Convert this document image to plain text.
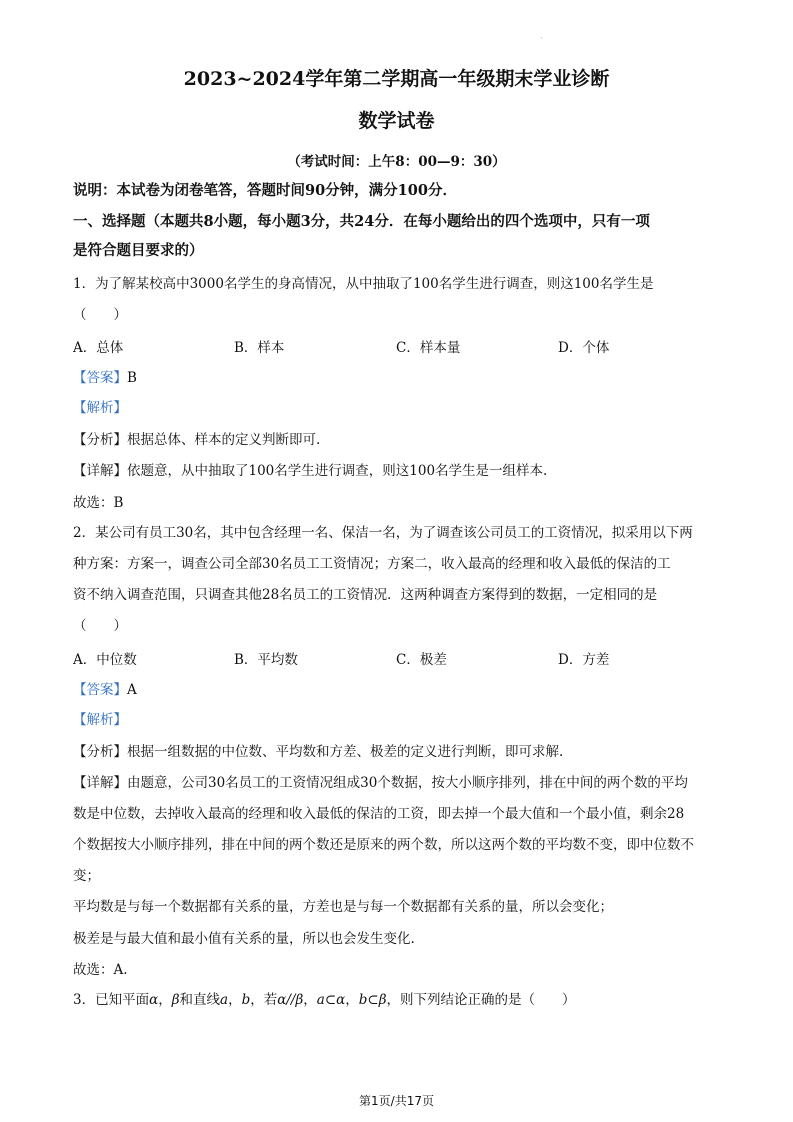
·
2023~2024学年第二学期高一年级期末学业诊断
数学试卷
（考试时间：上午8：00—9：30）
说明：本试卷为闭卷笔答，答题时间90分钟，满分100分．
一、选择题（本题共8小题，每小题3分，共24分．在每小题给出的四个选项中，只有一项
是符合题目要求的）
1．为了解某校高中3000名学生的身高情况，从中抽取了100名学生进行调查，则这100名学生是
（　　）
A．总体	B．样本	C．样本量	D．个体
【答案】B
【解析】
【分析】根据总体、样本的定义判断即可.
【详解】依题意，从中抽取了100名学生进行调查，则这100名学生是一组样本.
故选：B
2．某公司有员工30名，其中包含经理一名、保洁一名，为了调查该公司员工的工资情况，拟采用以下两
种方案：方案一，调查公司全部30名员工工资情况；方案二，收入最高的经理和收入最低的保洁的工
资不纳入调查范围，只调查其他28名员工的工资情况．这两种调查方案得到的数据，一定相同的是
（　　）
A．中位数	B．平均数	C．极差	D．方差
【答案】A
【解析】
【分析】根据一组数据的中位数、平均数和方差、极差的定义进行判断，即可求解.
【详解】由题意，公司30名员工的工资情况组成30个数据，按大小顺序排列，排在中间的两个数的平均
数是中位数，去掉收入最高的经理和收入最低的保洁的工资，即去掉一个最大值和一个最小值，剩余28
个数据按大小顺序排列，排在中间的两个数还是原来的两个数，所以这两个数的平均数不变，即中位数不
变；
平均数是与每一个数据都有关系的量，方差也是与每一个数据都有关系的量，所以会变化；
极差是与最大值和最小值有关系的量，所以也会发生变化.
故选：A.
3．已知平面α，β和直线a，b，若α//β，a⊂α，b⊂β，则下列结论正确的是（　　）
第1页/共17页
